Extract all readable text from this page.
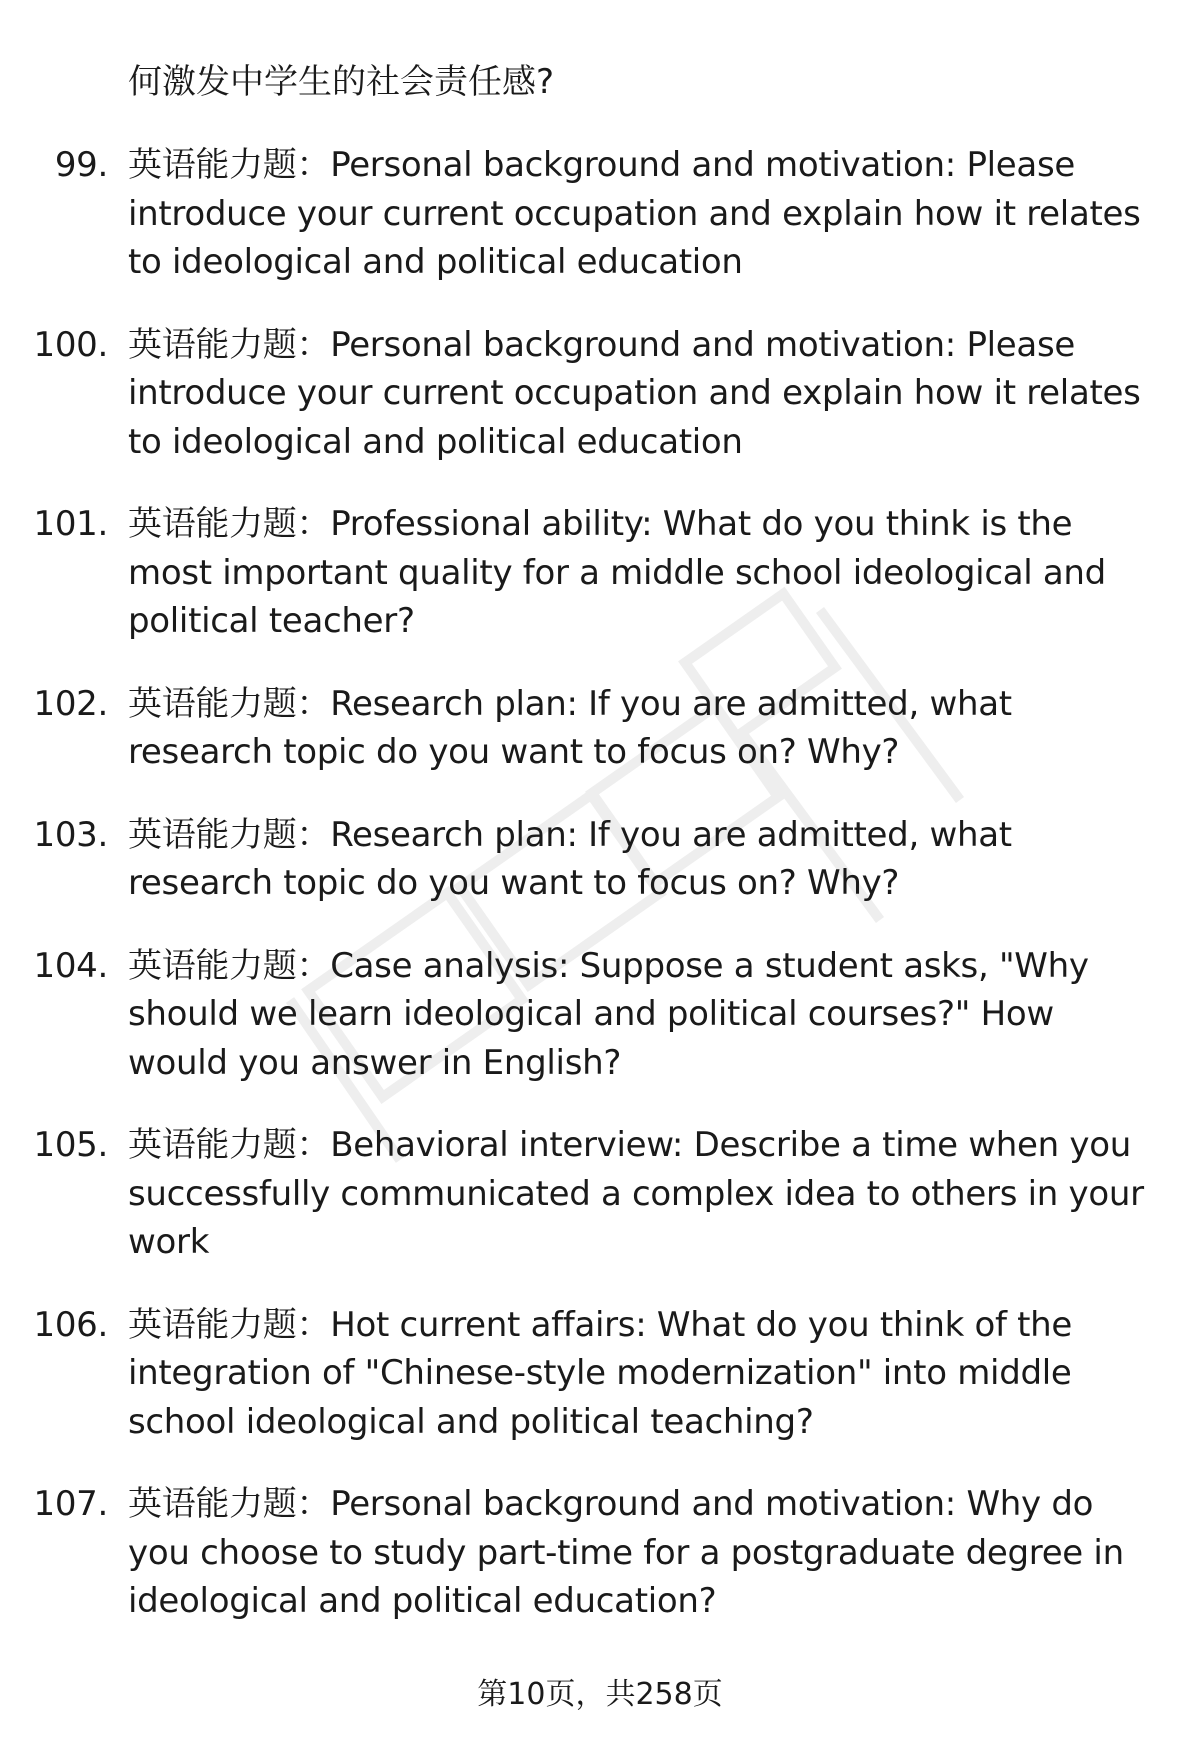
何激发中学生的社会责任感?

99. 英语能力题：Personal background and motivation: Please introduce your current occupation and explain how it relates to ideological and political education
100. 英语能力题：Personal background and motivation: Please introduce your current occupation and explain how it relates to ideological and political education
101. 英语能力题：Professional ability: What do you think is the most important quality for a middle school ideological and political teacher?
102. 英语能力题：Research plan: If you are admitted, what research topic do you want to focus on? Why?
103. 英语能力题：Research plan: If you are admitted, what research topic do you want to focus on? Why?
104. 英语能力题：Case analysis: Suppose a student asks, "Why should we learn ideological and political courses?" How would you answer in English?
105. 英语能力题：Behavioral interview: Describe a time when you successfully communicated a complex idea to others in your work
106. 英语能力题：Hot current affairs: What do you think of the integration of "Chinese-style modernization" into middle school ideological and political teaching?
107. 英语能力题：Personal background and motivation: Why do you choose to study part-time for a postgraduate degree in ideological and political education?
第10页，共258页
